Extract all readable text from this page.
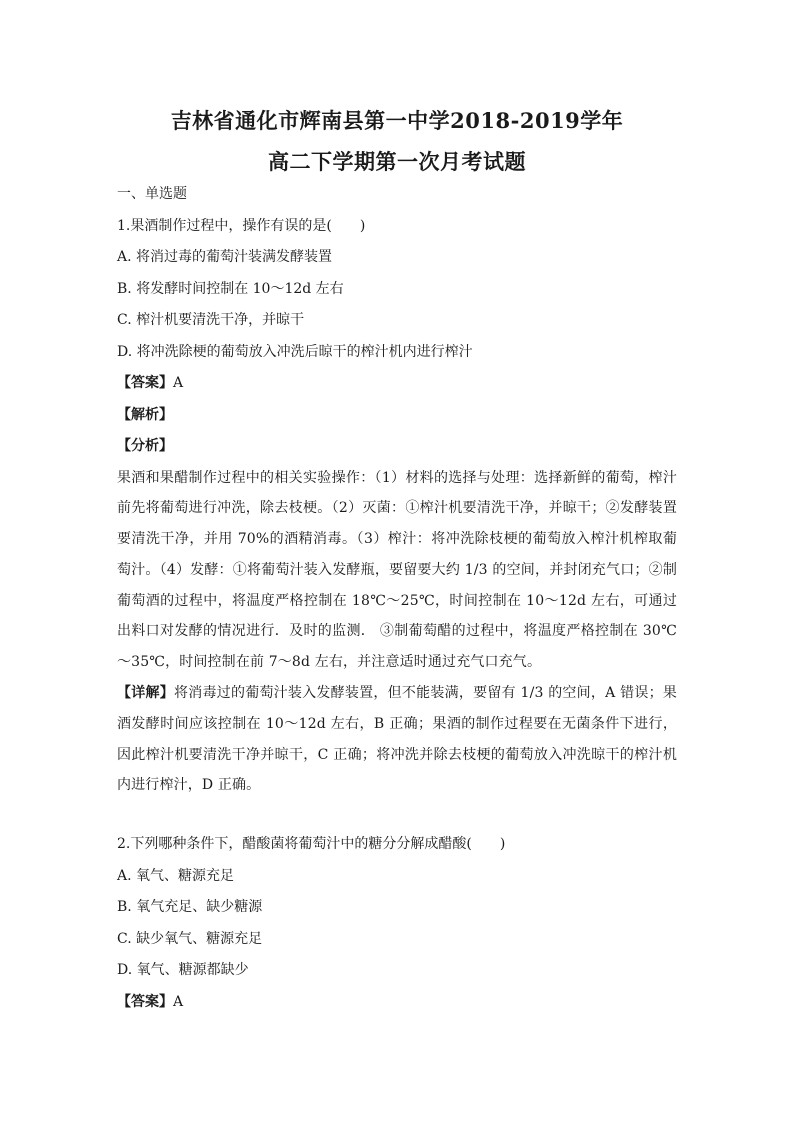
吉林省通化市辉南县第一中学2018-2019学年
高二下学期第一次月考试题
一、单选题
1.果酒制作过程中，操作有误的是(　　)
A. 将消过毒的葡萄汁装满发酵装置
B. 将发酵时间控制在 10～12d 左右
C. 榨汁机要清洗干净，并晾干
D. 将冲洗除梗的葡萄放入冲洗后晾干的榨汁机内进行榨汁
【答案】A
【解析】
【分析】

果酒和果醋制作过程中的相关实验操作：（1）材料的选择与处理：选择新鲜的葡萄，榨汁前先将葡萄进行冲洗，除去枝梗。（2）灭菌：①榨汁机要清洗干净，并晾干；②发酵装置要清洗干净，并用 70%的酒精消毒。（3）榨汁：将冲洗除枝梗的葡萄放入榨汁机榨取葡萄汁。（4）发酵：①将葡萄汁装入发酵瓶，要留要大约 1/3 的空间，并封闭充气口；②制葡萄酒的过程中，将温度严格控制在 18℃～25℃，时间控制在 10～12d 左右，可通过出料口对发酵的情况进行．及时的监测． ③制葡萄醋的过程中，将温度严格控制在 30℃～35℃，时间控制在前 7～8d 左右，并注意适时通过充气口充气。

【详解】将消毒过的葡萄汁装入发酵装置，但不能装满，要留有 1/3 的空间，A 错误；果酒发酵时间应该控制在 10～12d 左右，B 正确；果酒的制作过程要在无菌条件下进行，因此榨汁机要清洗干净并晾干，C 正确；将冲洗并除去枝梗的葡萄放入冲洗晾干的榨汁机内进行榨汁，D 正确。

2.下列哪种条件下，醋酸菌将葡萄汁中的糖分分解成醋酸(　　)
A. 氧气、糖源充足
B. 氧气充足、缺少糖源
C. 缺少氧气、糖源充足
D. 氧气、糖源都缺少
【答案】A
